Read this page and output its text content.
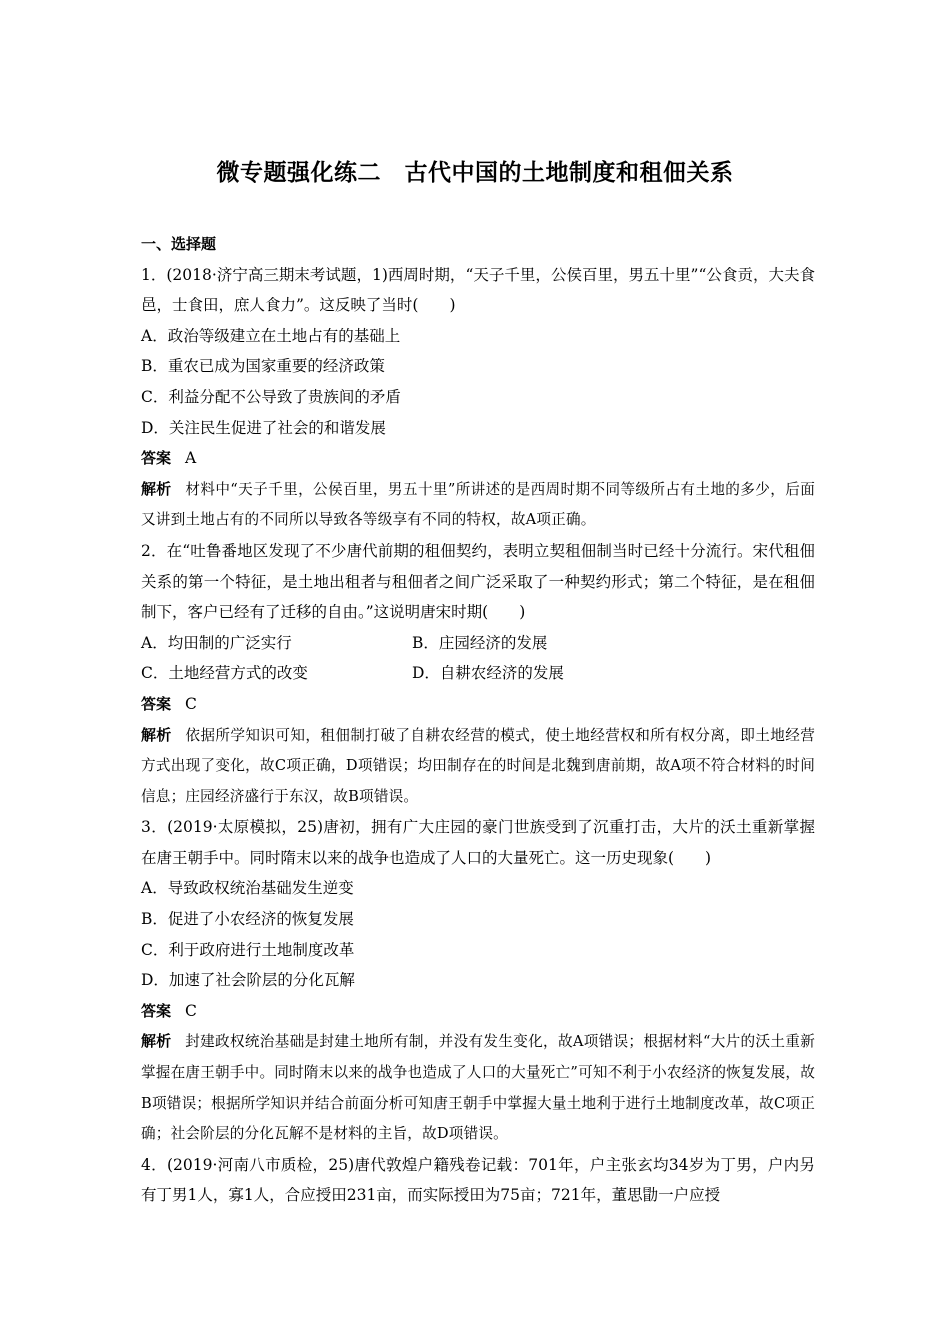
微专题强化练二　古代中国的土地制度和租佃关系

一、选择题

1．(2018·济宁高三期末考试题，1)西周时期，“天子千里，公侯百里，男五十里”“公食贡，大夫食邑，士食田，庶人食力”。这反映了当时(　　)

A．政治等级建立在土地占有的基础上

B．重农已成为国家重要的经济政策

C．利益分配不公导致了贵族间的矛盾

D．关注民生促进了社会的和谐发展

答案 A

解析 材料中“天子千里，公侯百里，男五十里”所讲述的是西周时期不同等级所占有土地的多少，后面又讲到土地占有的不同所以导致各等级享有不同的特权，故A项正确。

2．在“吐鲁番地区发现了不少唐代前期的租佃契约，表明立契租佃制当时已经十分流行。宋代租佃关系的第一个特征，是土地出租者与租佃者之间广泛采取了一种契约形式；第二个特征，是在租佃制下，客户已经有了迁移的自由。”这说明唐宋时期(　　)

A．均田制的广泛实行	B．庄园经济的发展

C．土地经营方式的改变	D．自耕农经济的发展

答案 C

解析 依据所学知识可知，租佃制打破了自耕农经营的模式，使土地经营权和所有权分离，即土地经营方式出现了变化，故C项正确，D项错误；均田制存在的时间是北魏到唐前期，故A项不符合材料的时间信息；庄园经济盛行于东汉，故B项错误。

3．(2019·太原模拟，25)唐初，拥有广大庄园的豪门世族受到了沉重打击，大片的沃土重新掌握在唐王朝手中。同时隋末以来的战争也造成了人口的大量死亡。这一历史现象(　　)

A．导致政权统治基础发生逆变

B．促进了小农经济的恢复发展

C．利于政府进行土地制度改革

D．加速了社会阶层的分化瓦解

答案 C

解析 封建政权统治基础是封建土地所有制，并没有发生变化，故A项错误；根据材料“大片的沃土重新掌握在唐王朝手中。同时隋末以来的战争也造成了人口的大量死亡”可知不利于小农经济的恢复发展，故B项错误；根据所学知识并结合前面分析可知唐王朝手中掌握大量土地利于进行土地制度改革，故C项正确；社会阶层的分化瓦解不是材料的主旨，故D项错误。

4．(2019·河南八市质检，25)唐代敦煌户籍残卷记载：701年，户主张玄均34岁为丁男，户内另有丁男1人，寡1人，合应授田231亩，而实际授田为75亩；721年，董思勖一户应授
